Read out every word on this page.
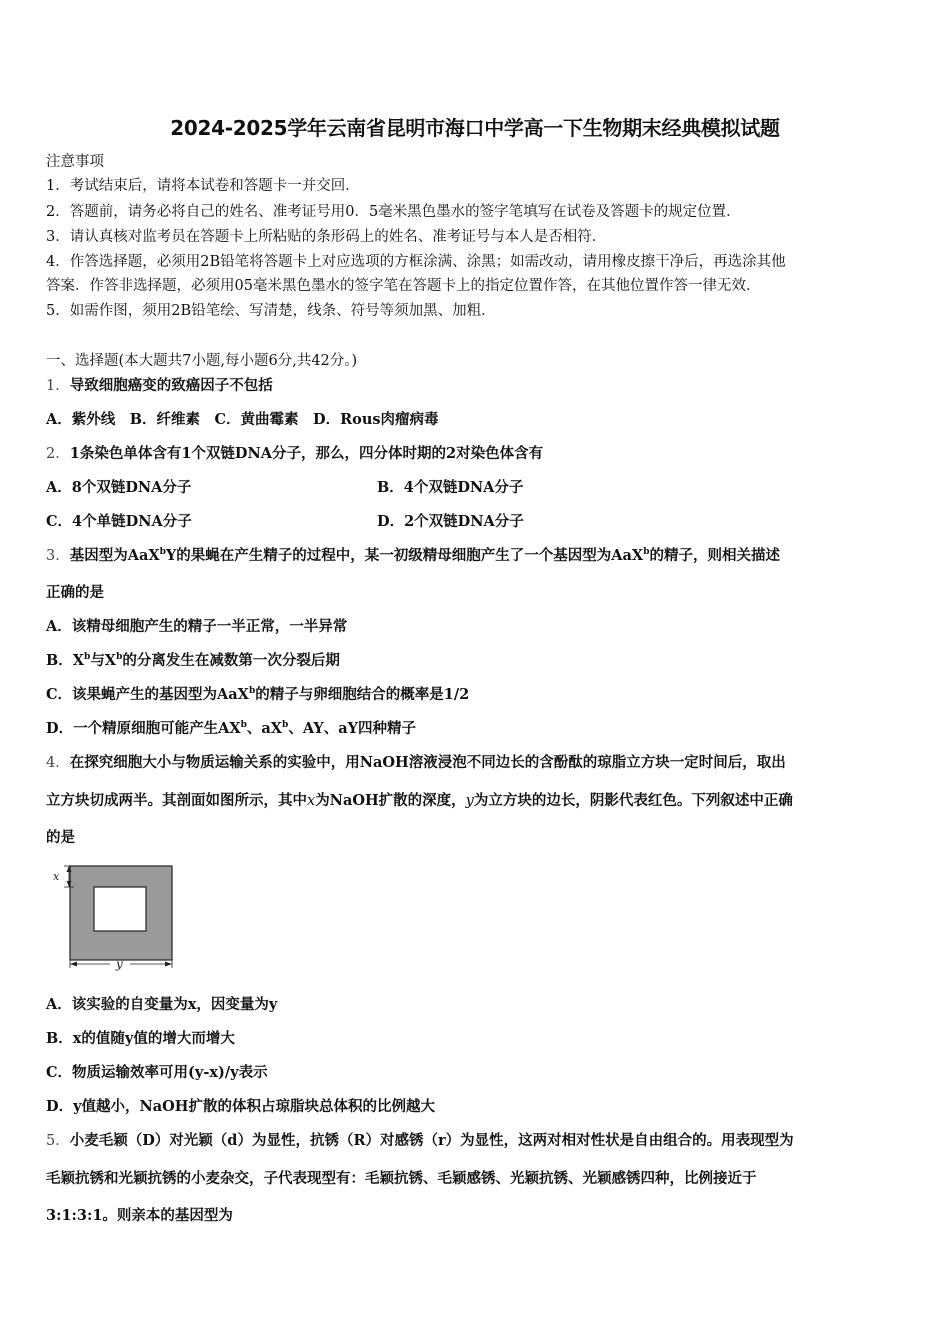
2024-2025学年云南省昆明市海口中学高一下生物期末经典模拟试题
注意事项
1．考试结束后，请将本试卷和答题卡一并交回．
2．答题前，请务必将自己的姓名、准考证号用0．5毫米黑色墨水的签字笔填写在试卷及答题卡的规定位置．
3．请认真核对监考员在答题卡上所粘贴的条形码上的姓名、准考证号与本人是否相符．
4．作答选择题，必须用2B铅笔将答题卡上对应选项的方框涂满、涂黑；如需改动，请用橡皮擦干净后，再选涂其他
答案．作答非选择题，必须用05毫米黑色墨水的签字笔在答题卡上的指定位置作答，在其他位置作答一律无效．
5．如需作图，须用2B铅笔绘、写清楚，线条、符号等须加黑、加粗．
一、选择题(本大题共7小题,每小题6分,共42分。)
1．导致细胞癌变的致癌因子不包括
A．紫外线　B．纤维素　C．黄曲霉素　D．Rous肉瘤病毒
2．1条染色单体含有1个双链DNA分子，那么，四分体时期的2对染色体含有
A．8个双链DNA分子	B．4个双链DNA分子
C．4个单链DNA分子	D．2个双链DNA分子
3．基因型为AaX$^b$Y的果蝇在产生精子的过程中，某一初级精母细胞产生了一个基因型为AaX$^b$的精子，则相关描述
正确的是
A．该精母细胞产生的精子一半正常，一半异常
B．$X^b$与$X^b$的分离发生在减数第一次分裂后期
C．该果蝇产生的基因型为AaX$^b$的精子与卵细胞结合的概率是1/2
D．一个精原细胞可能产生$AX^b$、$aX^b$、AY、aY四种精子
4．在探究细胞大小与物质运输关系的实验中，用NaOH溶液浸泡不同边长的含酚酞的琼脂立方块一定时间后，取出
立方块切成两半。其剖面如图所示，其中x为NaOH扩散的深度，y为立方块的边长，阴影代表红色。下列叙述中正确
的是
x
y
A．该实验的自变量为x，因变量为y
B．x的值随y值的增大而增大
C．物质运输效率可用(y-x)/y表示
D．y值越小，NaOH扩散的体积占琼脂块总体积的比例越大
5．小麦毛颖（D）对光颖（d）为显性，抗锈（R）对感锈（r）为显性，这两对相对性状是自由组合的。用表现型为
毛颖抗锈和光颖抗锈的小麦杂交，子代表现型有：毛颖抗锈、毛颖感锈、光颖抗锈、光颖感锈四种，比例接近于
3:1:3:1。则亲本的基因型为
